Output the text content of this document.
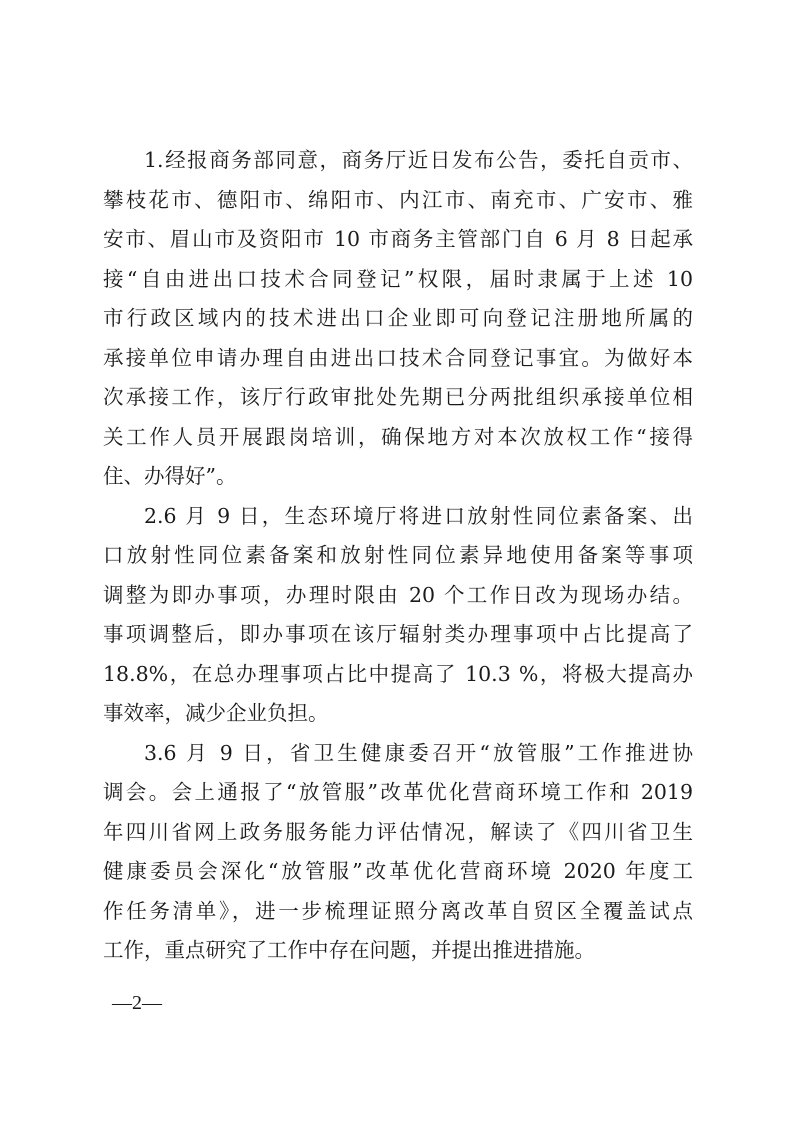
1.经报商务部同意，商务厅近日发布公告，委托自贡市、
攀枝花市、德阳市、绵阳市、内江市、南充市、广安市、雅
安市、眉山市及资阳市 10 市商务主管部门自 6 月 8 日起承
接“自由进出口技术合同登记”权限，届时隶属于上述 10
市行政区域内的技术进出口企业即可向登记注册地所属的
承接单位申请办理自由进出口技术合同登记事宜。为做好本
次承接工作，该厅行政审批处先期已分两批组织承接单位相
关工作人员开展跟岗培训，确保地方对本次放权工作“接得
住、办得好”。
2.6 月 9 日，生态环境厅将进口放射性同位素备案、出
口放射性同位素备案和放射性同位素异地使用备案等事项
调整为即办事项，办理时限由 20 个工作日改为现场办结。
事项调整后，即办事项在该厅辐射类办理事项中占比提高了
18.8%，在总办理事项占比中提高了 10.3 %，将极大提高办
事效率，减少企业负担。
3.6 月 9 日，省卫生健康委召开“放管服”工作推进协
调会。会上通报了“放管服”改革优化营商环境工作和 2019
年四川省网上政务服务能力评估情况，解读了《四川省卫生
健康委员会深化“放管服”改革优化营商环境 2020 年度工
作任务清单》，进一步梳理证照分离改革自贸区全覆盖试点
工作，重点研究了工作中存在问题，并提出推进措施。
—2—
